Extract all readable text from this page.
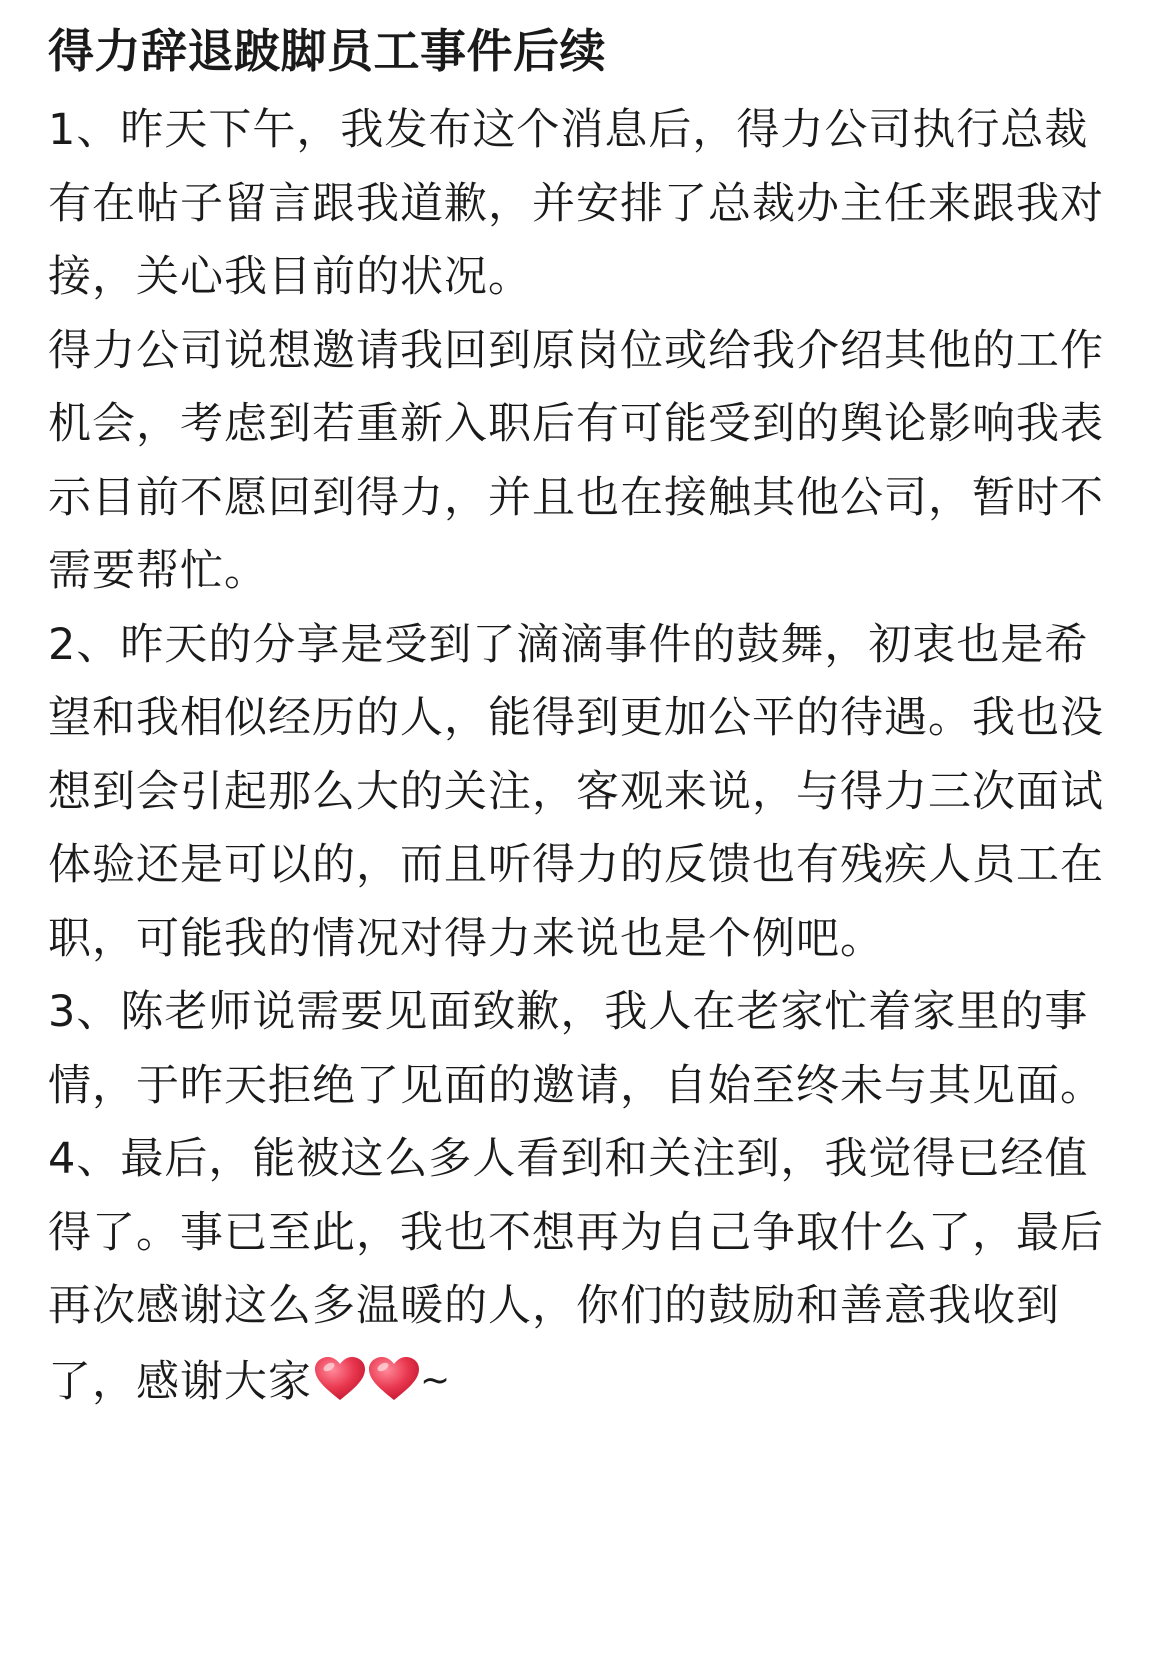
得力辞退跛脚员工事件后续

1、昨天下午，我发布这个消息后，得力公司执行总裁有在帖子留言跟我道歉，并安排了总裁办主任来跟我对接，关心我目前的状况。

得力公司说想邀请我回到原岗位或给我介绍其他的工作机会，考虑到若重新入职后有可能受到的舆论影响我表示目前不愿回到得力，并且也在接触其他公司，暂时不需要帮忙。

2、昨天的分享是受到了滴滴事件的鼓舞，初衷也是希望和我相似经历的人，能得到更加公平的待遇。我也没想到会引起那么大的关注，客观来说，与得力三次面试体验还是可以的，而且听得力的反馈也有残疾人员工在职，可能我的情况对得力来说也是个例吧。

3、陈老师说需要见面致歉，我人在老家忙着家里的事情，于昨天拒绝了见面的邀请，自始至终未与其见面。

4、最后，能被这么多人看到和关注到，我觉得已经值得了。事已至此，我也不想再为自己争取什么了，最后再次感谢这么多温暖的人，你们的鼓励和善意我收到了，感谢大家	~
